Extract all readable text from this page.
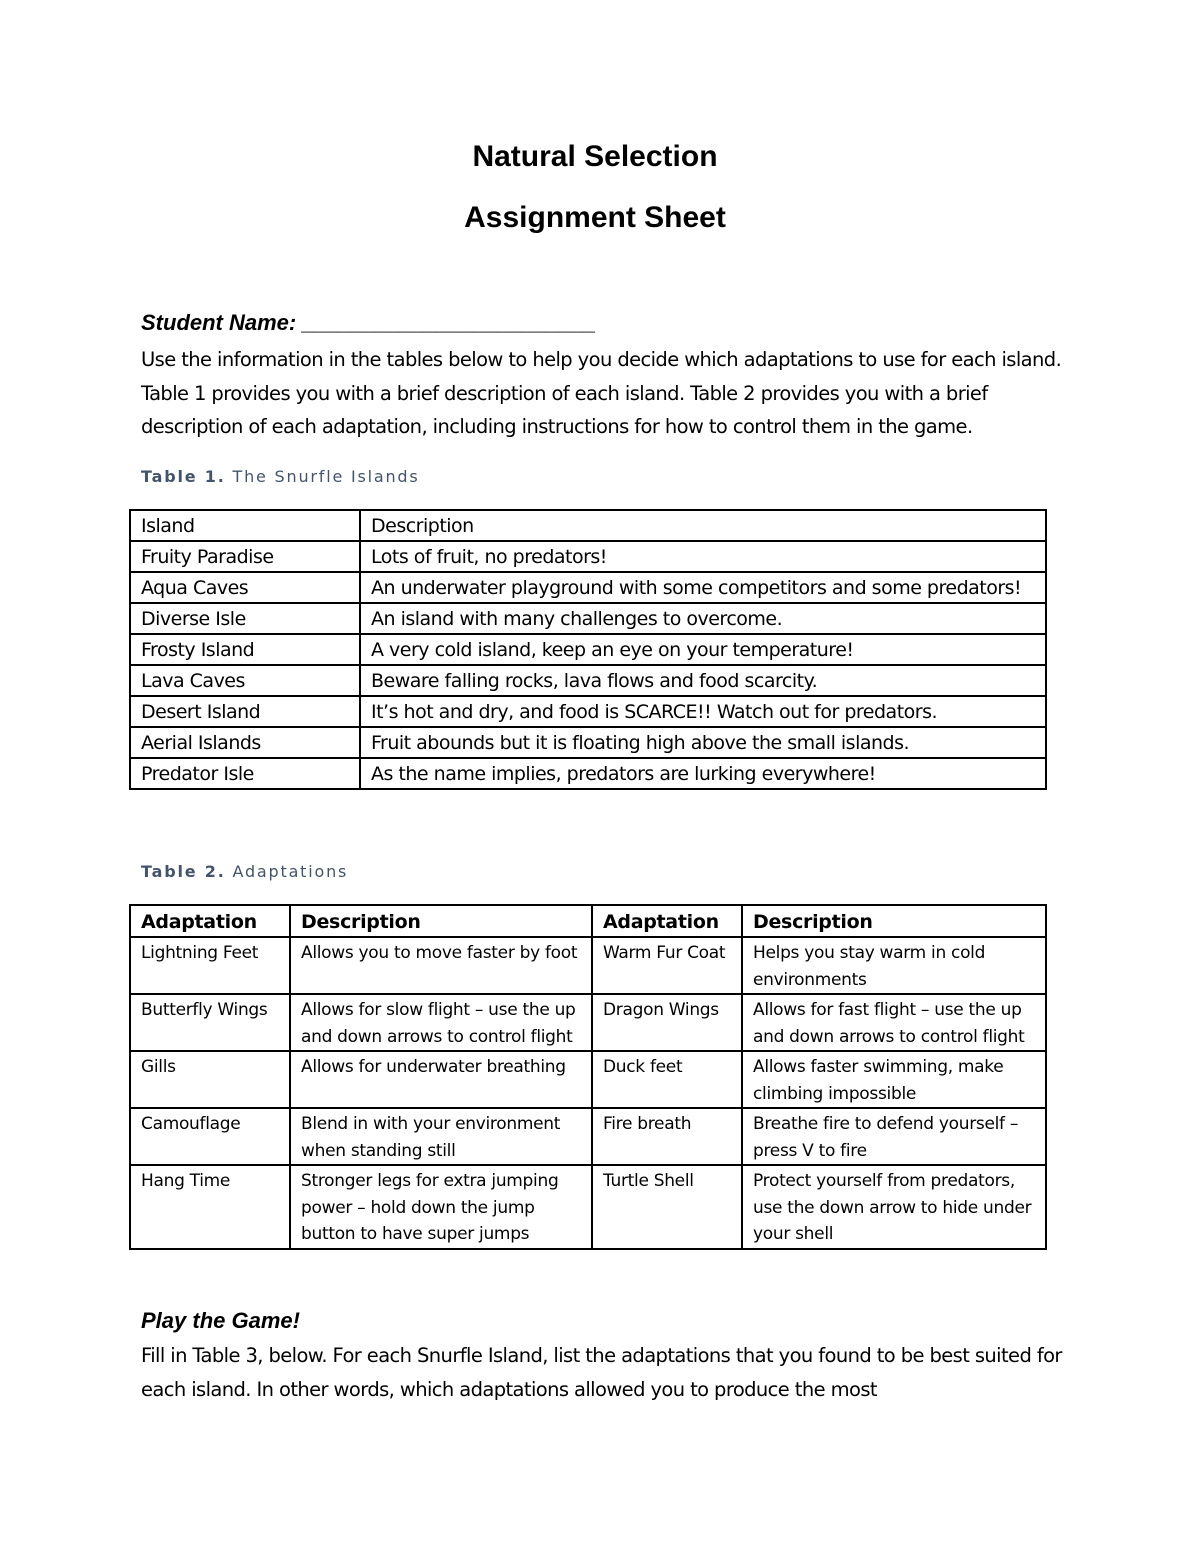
Natural Selection
Assignment Sheet
Student Name: ________________________
Use the information in the tables below to help you decide which adaptations to use for each island. Table 1 provides you with a brief description of each island. Table 2 provides you with a brief description of each adaptation, including instructions for how to control them in the game.
Table 1. The Snurfle Islands
Island	Description
Fruity Paradise	Lots of fruit, no predators!
Aqua Caves	An underwater playground with some competitors and some predators!
Diverse Isle	An island with many challenges to overcome.
Frosty Island	A very cold island, keep an eye on your temperature!
Lava Caves	Beware falling rocks, lava flows and food scarcity.
Desert Island	It’s hot and dry, and food is SCARCE!! Watch out for predators.
Aerial Islands	Fruit abounds but it is floating high above the small islands.
Predator Isle	As the name implies, predators are lurking everywhere!
Table 2. Adaptations
Adaptation	Description	Adaptation	Description
Lightning Feet	Allows you to move faster by foot	Warm Fur Coat	Helps you stay warm in cold environments
Butterfly Wings	Allows for slow flight – use the up and down arrows to control flight	Dragon Wings	Allows for fast flight – use the up and down arrows to control flight
Gills	Allows for underwater breathing	Duck feet	Allows faster swimming, make climbing impossible
Camouflage	Blend in with your environment when standing still	Fire breath	Breathe fire to defend yourself – press V to fire
Hang Time	Stronger legs for extra jumping power – hold down the jump button to have super jumps	Turtle Shell	Protect yourself from predators, use the down arrow to hide under your shell
Play the Game!
Fill in Table 3, below. For each Snurfle Island, list the adaptations that you found to be best suited for each island. In other words, which adaptations allowed you to produce the most
